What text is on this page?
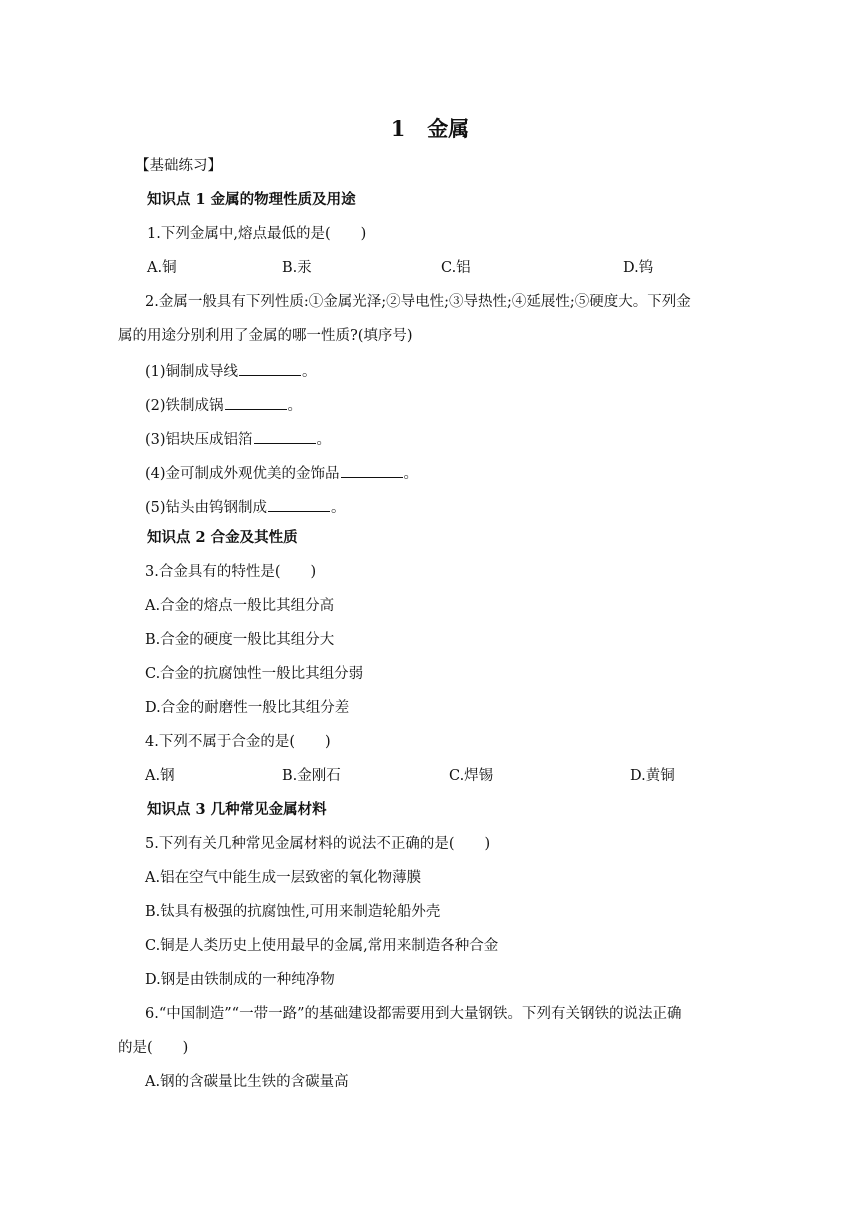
1 金属
【基础练习】
知识点 1 金属的物理性质及用途
1.下列金属中,熔点最低的是( )
A.铜	B.汞	C.铝	D.钨
2.金属一般具有下列性质:①金属光泽;②导电性;③导热性;④延展性;⑤硬度大。下列金
属的用途分别利用了金属的哪一性质?(填序号)
(1)铜制成导线	。
(2)铁制成锅	。
(3)铝块压成铝箔	。
(4)金可制成外观优美的金饰品	。
(5)钻头由钨钢制成	。
知识点 2 合金及其性质
3.合金具有的特性是( )
A.合金的熔点一般比其组分高
B.合金的硬度一般比其组分大
C.合金的抗腐蚀性一般比其组分弱
D.合金的耐磨性一般比其组分差
4.下列不属于合金的是( )
A.钢	B.金刚石	C.焊锡	D.黄铜
知识点 3 几种常见金属材料
5.下列有关几种常见金属材料的说法不正确的是( )
A.铝在空气中能生成一层致密的氧化物薄膜
B.钛具有极强的抗腐蚀性,可用来制造轮船外壳
C.铜是人类历史上使用最早的金属,常用来制造各种合金
D.钢是由铁制成的一种纯净物
6.“中国制造”“一带一路”的基础建设都需要用到大量钢铁。下列有关钢铁的说法正确
的是( )
A.钢的含碳量比生铁的含碳量高
